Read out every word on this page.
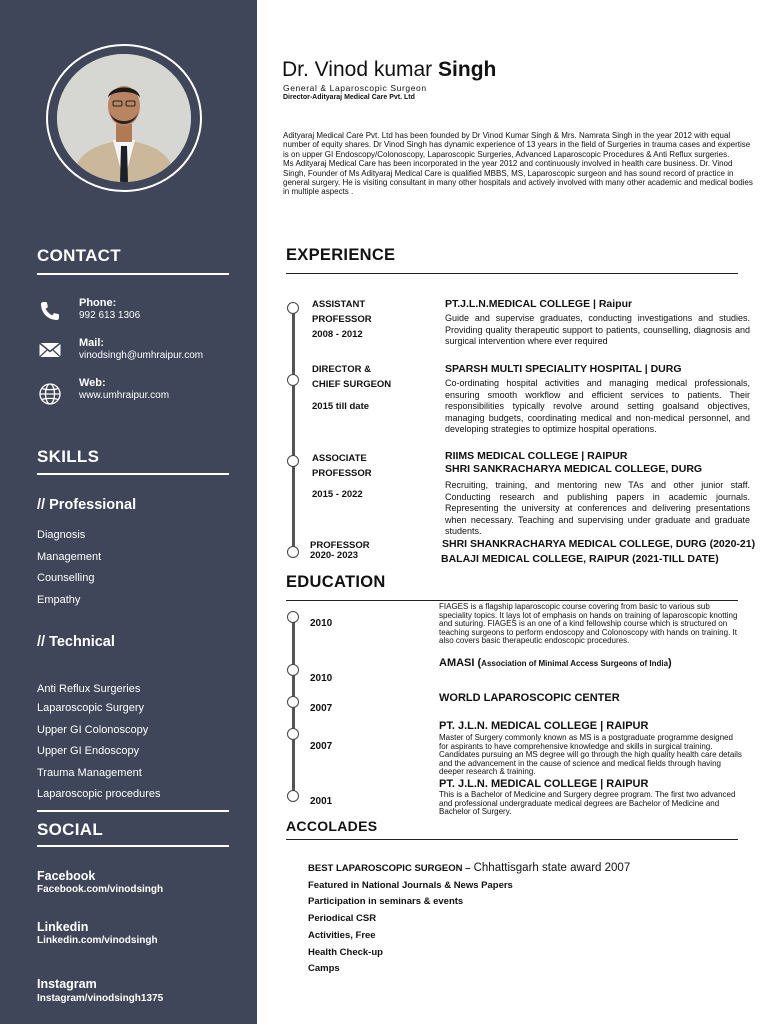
CONTACT
Phone:
992 613 1306
Mail:
vinodsingh@umhraipur.com
Web:
www.umhraipur.com
SKILLS
// Professional
Diagnosis
Management
Counselling
Empathy
// Technical
Anti Reflux Surgeries
Laparoscopic Surgery
Upper GI Colonoscopy
Upper GI Endoscopy
Trauma Management
Laparoscopic procedures
SOCIAL
Facebook
Facebook.com/vinodsingh
Linkedin
Linkedin.com/vinodsingh
Instagram
Instagram/vinodsingh1375
Dr. Vinod kumar Singh
General & Laparoscopic Surgeon
Director-Adityaraj Medical Care Pvt. Ltd
Adityaraj Medical Care Pvt. Ltd has been founded by Dr Vinod Kumar Singh & Mrs. Namrata Singh in the year 2012 with equal number of equity shares. Dr Vinod Singh has dynamic experience of 13 years in the field of Surgeries in trauma cases and expertise is on upper GI Endoscopy/Colonoscopy, Laparoscopic Surgeries, Advanced Laparoscopic Procedures & Anti Reflux surgeries.
Ms Adityaraj Medical Care has been incorporated in the year 2012 and continuously involved in health care business. Dr. Vinod Singh, Founder of Ms Adityaraj Medical Care is qualified MBBS, MS, Laparoscopic surgeon and has sound record of practice in general surgery. He is visiting consultant in many other hospitals and actively involved with many other academic and medical bodies in multiple aspects .
EXPERIENCE
ASSISTANT
PROFESSOR
2008 - 2012
PT.J.L.N.MEDICAL COLLEGE | Raipur
Guide and supervise graduates, conducting investigations and studies. Providing quality therapeutic support to patients, counselling, diagnosis and surgical intervention where ever required
DIRECTOR &
CHIEF SURGEON
2015 till date
SPARSH MULTI SPECIALITY HOSPITAL | DURG
Co-ordinating hospital activities and managing medical professionals, ensuring smooth workflow and efficient services to patients. Their responsibilities typically revolve around setting goalsand objectives, managing budgets, coordinating medical and non-medical personnel, and developing strategies to optimize hospital operations.
ASSOCIATE
PROFESSOR
2015 - 2022
RIIMS MEDICAL COLLEGE | RAIPUR
SHRI SANKRACHARYA MEDICAL COLLEGE, DURG
Recruiting, training, and mentoring new TAs and other junior staff. Conducting research and publishing papers in academic journals. Representing the university at conferences and delivering presentations when necessary. Teaching and supervising under graduate and graduate students.
PROFESSOR
2020- 2023
SHRI SHANKRACHARYA MEDICAL COLLEGE, DURG (2020-21)
BALAJI MEDICAL COLLEGE, RAIPUR (2021-TILL DATE)
EDUCATION
2010
FIAGES is a flagship laparoscopic course covering from basic to various sub speciality topics. It lays lot of emphasis on hands on training of laparoscopic knotting and suturing. FIAGES is an one of a kind fellowship course which is structured on teaching surgeons to perform endoscopy and Colonoscopy with hands on training. It also covers basic therapeutic endoscopic procedures.
2010
AMASI (Association of Minimal Access Surgeons of India)
2007
WORLD LAPAROSCOPIC CENTER
2007
PT. J.L.N. MEDICAL COLLEGE | RAIPUR
Master of Surgery commonly known as MS is a postgraduate programme designed for aspirants to have comprehensive knowledge and skills in surgical training. Candidates pursuing an MS degree will go through the high quality health care details and the advancement in the cause of science and medical fields through having deeper research & training.
2001
PT. J.L.N. MEDICAL COLLEGE | RAIPUR
This is a Bachelor of Medicine and Surgery degree program. The first two advanced and professional undergraduate medical degrees are Bachelor of Medicine and Bachelor of Surgery.
ACCOLADES
BEST LAPAROSCOPIC SURGEON – Chhattisgarh state award 2007
Featured in National Journals & News Papers
Participation in seminars & events
Periodical CSR
Activities, Free
Health Check-up
Camps
